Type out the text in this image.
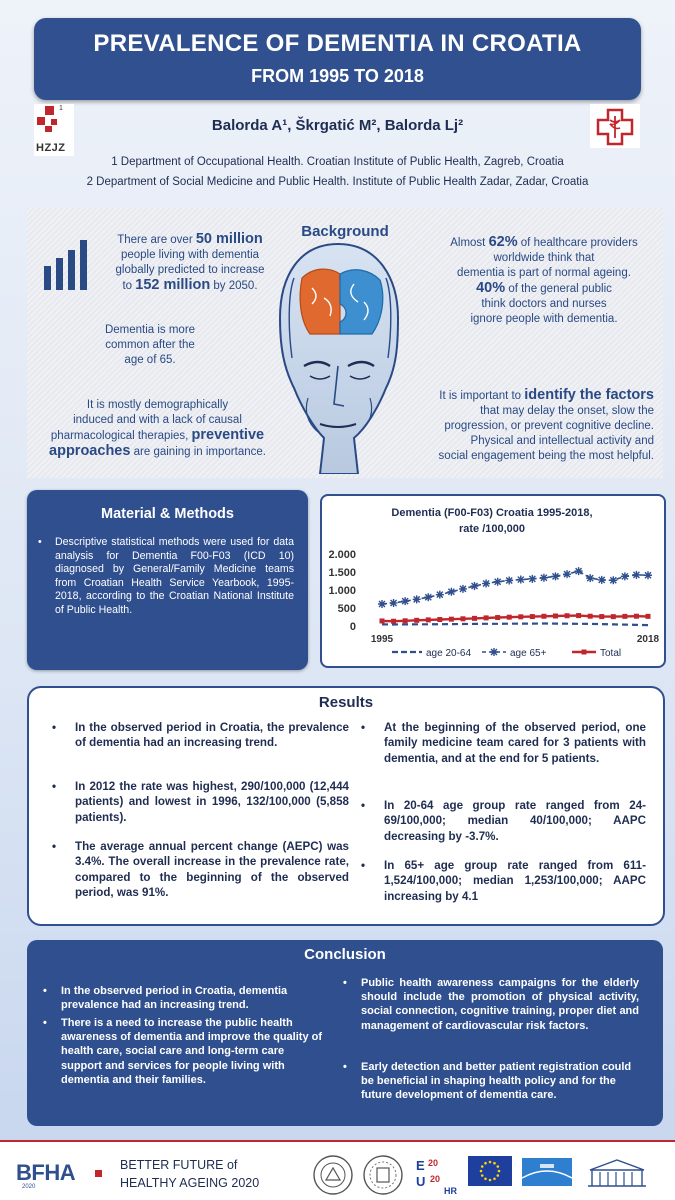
PREVALENCE OF DEMENTIA IN CROATIA
FROM 1995 TO 2018
1
HZJZ
Balorda A¹, Škrgatić M², Balorda Lj²
1 Department of Occupational Health. Croatian Institute of Public Health, Zagreb, Croatia
2 Department of Social Medicine and Public Health. Institute of Public Health Zadar, Zadar, Croatia
Background
There are over 50 million
people living with dementia
globally predicted to increase
to 152 million by 2050.
Dementia is more
common after the
age of 65.
It is mostly demographically
induced and with a lack of causal
pharmacological therapies, preventive
approaches are gaining in importance.
Almost 62% of healthcare providers
worldwide think that
dementia is part of normal ageing.
40% of the general public
think doctors and nurses
ignore people with dementia.
It is important to identify the factors
that may delay the onset, slow the
progression, or prevent cognitive decline.
Physical and intellectual activity and
social engagement being the most helpful.
Material & Methods
• Descriptive statistical methods were used for data analysis for Dementia F00-F03 (ICD 10) diagnosed by General/Family Medicine teams from Croatian Health Service Yearbook, 1995-2018, according to the Croatian National Institute of Public Health.
Dementia (F00-F03) Croatia 1995-2018,
rate /100,000
2.000
1.500
1.000
500
0
1995	2018
age 20-64	age 65+	Total
Results
• In the observed period in Croatia, the prevalence of dementia had an increasing trend.
• In 2012 the rate was highest, 290/100,000 (12,444 patients) and lowest in 1996, 132/100,000 (5,858 patients).
• The average annual percent change (AEPC) was 3.4%. The overall increase in the prevalence rate, compared to the beginning of the observed period, was 91%.
• At the beginning of the observed period, one family medicine team cared for 3 patients with dementia, and at the end for 5 patients.
• In 20-64 age group rate ranged from 24-69/100,000; median 40/100,000; AAPC decreasing by -3.7%.
• In 65+ age group rate ranged from 611-1,524/100,000; median 1,253/100,000; AAPC increasing by 4.1
Conclusion
• In the observed period in Croatia, dementia prevalence had an increasing trend.
• There is a need to increase the public health awareness of dementia and improve the quality of health care, social care and long-term care support and services for people living with dementia and their families.
• Public health awareness campaigns for the elderly should include the promotion of physical activity, social connection, cognitive training, proper diet and management of cardiovascular risk factors.
• Early detection and better patient registration could be beneficial in shaping health policy and for the future development of dementia care.
BFHA
2020
BETTER FUTURE of
HEALTHY AGEING 2020
E 20
U 20
HR
